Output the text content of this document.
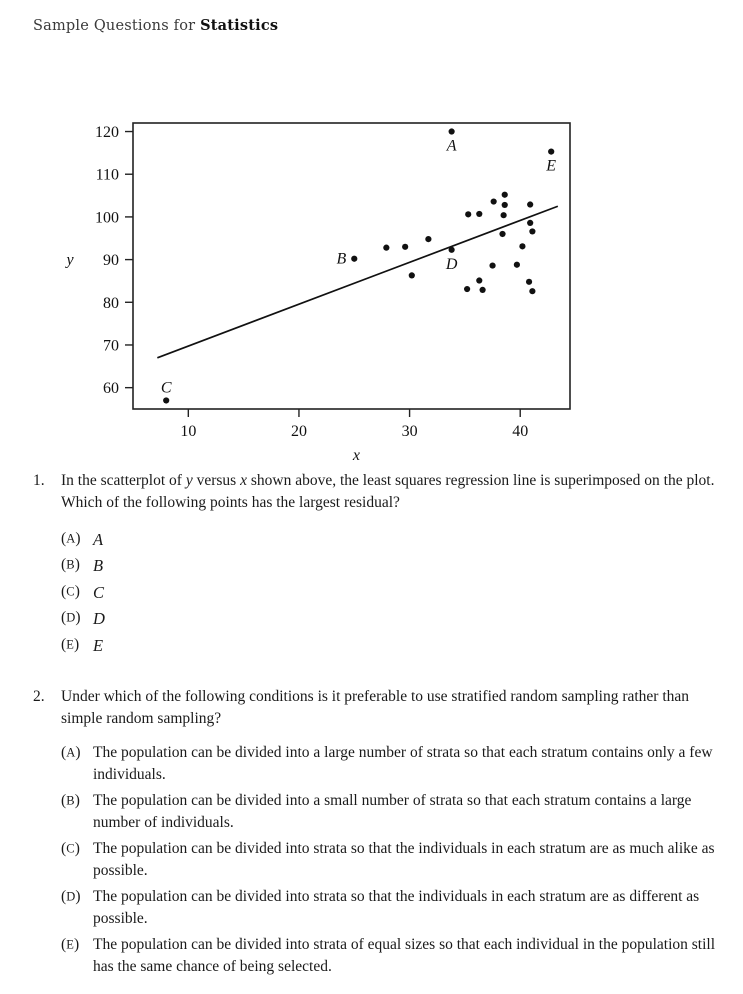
Sample Questions for Statistics
60
70
80
90
100
110
120
10	20	30	40
y
x
C
B
A
E
D
1.	In the scatterplot of y versus x shown above, the least squares regression line is superimposed on the plot. Which of the following points has the largest residual?
(A) A
(B) B
(C) C
(D) D
(E) E
2.	Under which of the following conditions is it preferable to use stratified random sampling rather than simple random sampling?
(A) The population can be divided into a large number of strata so that each stratum contains only a few individuals.
(B) The population can be divided into a small number of strata so that each stratum contains a large number of individuals.
(C) The population can be divided into strata so that the individuals in each stratum are as much alike as possible.
(D) The population can be divided into strata so that the individuals in each stratum are as different as possible.
(E) The population can be divided into strata of equal sizes so that each individual in the population still has the same chance of being selected.
